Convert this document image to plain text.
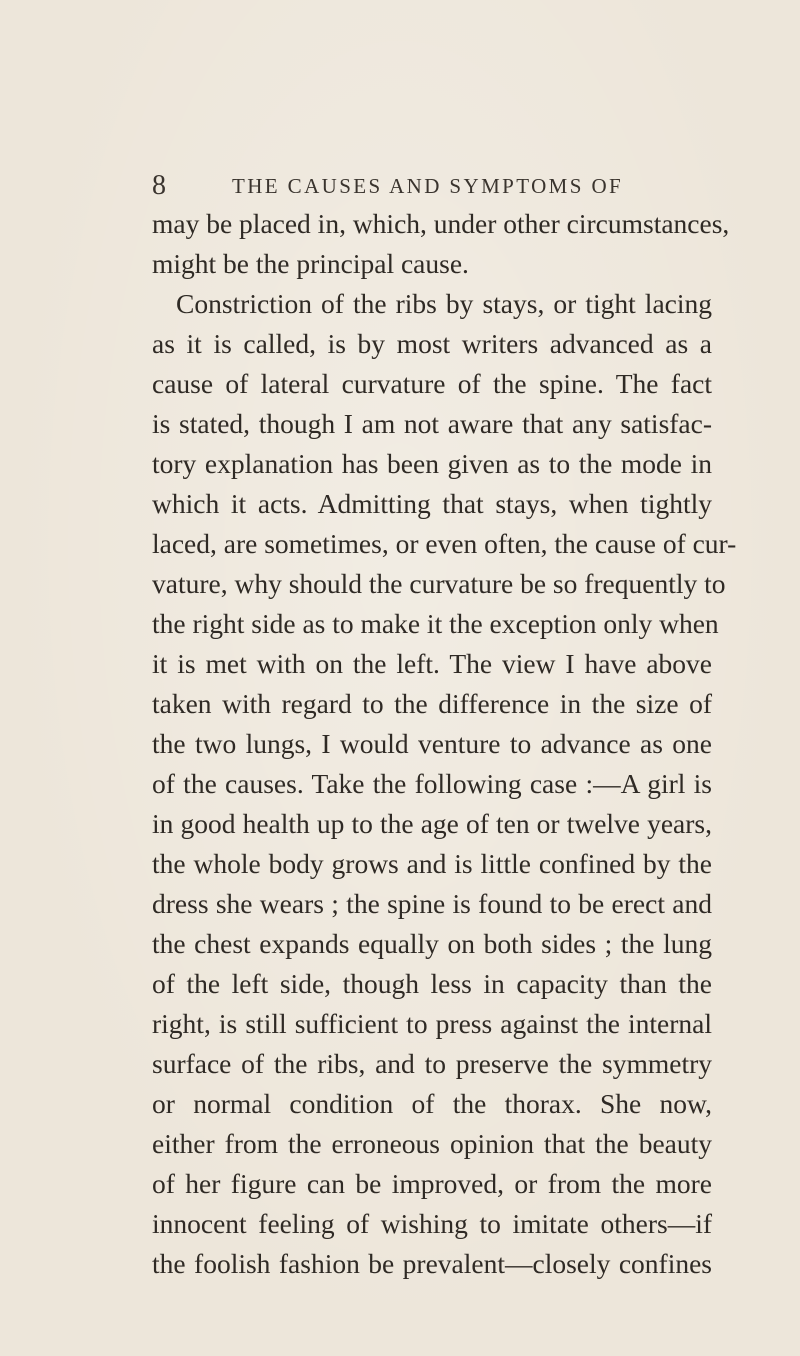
8	THE CAUSES AND SYMPTOMS OF
may be placed in, which, under other circumstances,
might be the principal cause.
Constriction of the ribs by stays, or tight lacing
as it is called, is by most writers advanced as a
cause of lateral curvature of the spine. The fact
is stated, though I am not aware that any satisfac-
tory explanation has been given as to the mode in
which it acts. Admitting that stays, when tightly
laced, are sometimes, or even often, the cause of cur-
vature, why should the curvature be so frequently to
the right side as to make it the exception only when
it is met with on the left. The view I have above
taken with regard to the difference in the size of
the two lungs, I would venture to advance as one
of the causes. Take the following case :—A girl is
in good health up to the age of ten or twelve years,
the whole body grows and is little confined by the
dress she wears ; the spine is found to be erect and
the chest expands equally on both sides ; the lung
of the left side, though less in capacity than the
right, is still sufficient to press against the internal
surface of the ribs, and to preserve the symmetry
or normal condition of the thorax. She now,
either from the erroneous opinion that the beauty
of her figure can be improved, or from the more
innocent feeling of wishing to imitate others—if
the foolish fashion be prevalent—closely confines
